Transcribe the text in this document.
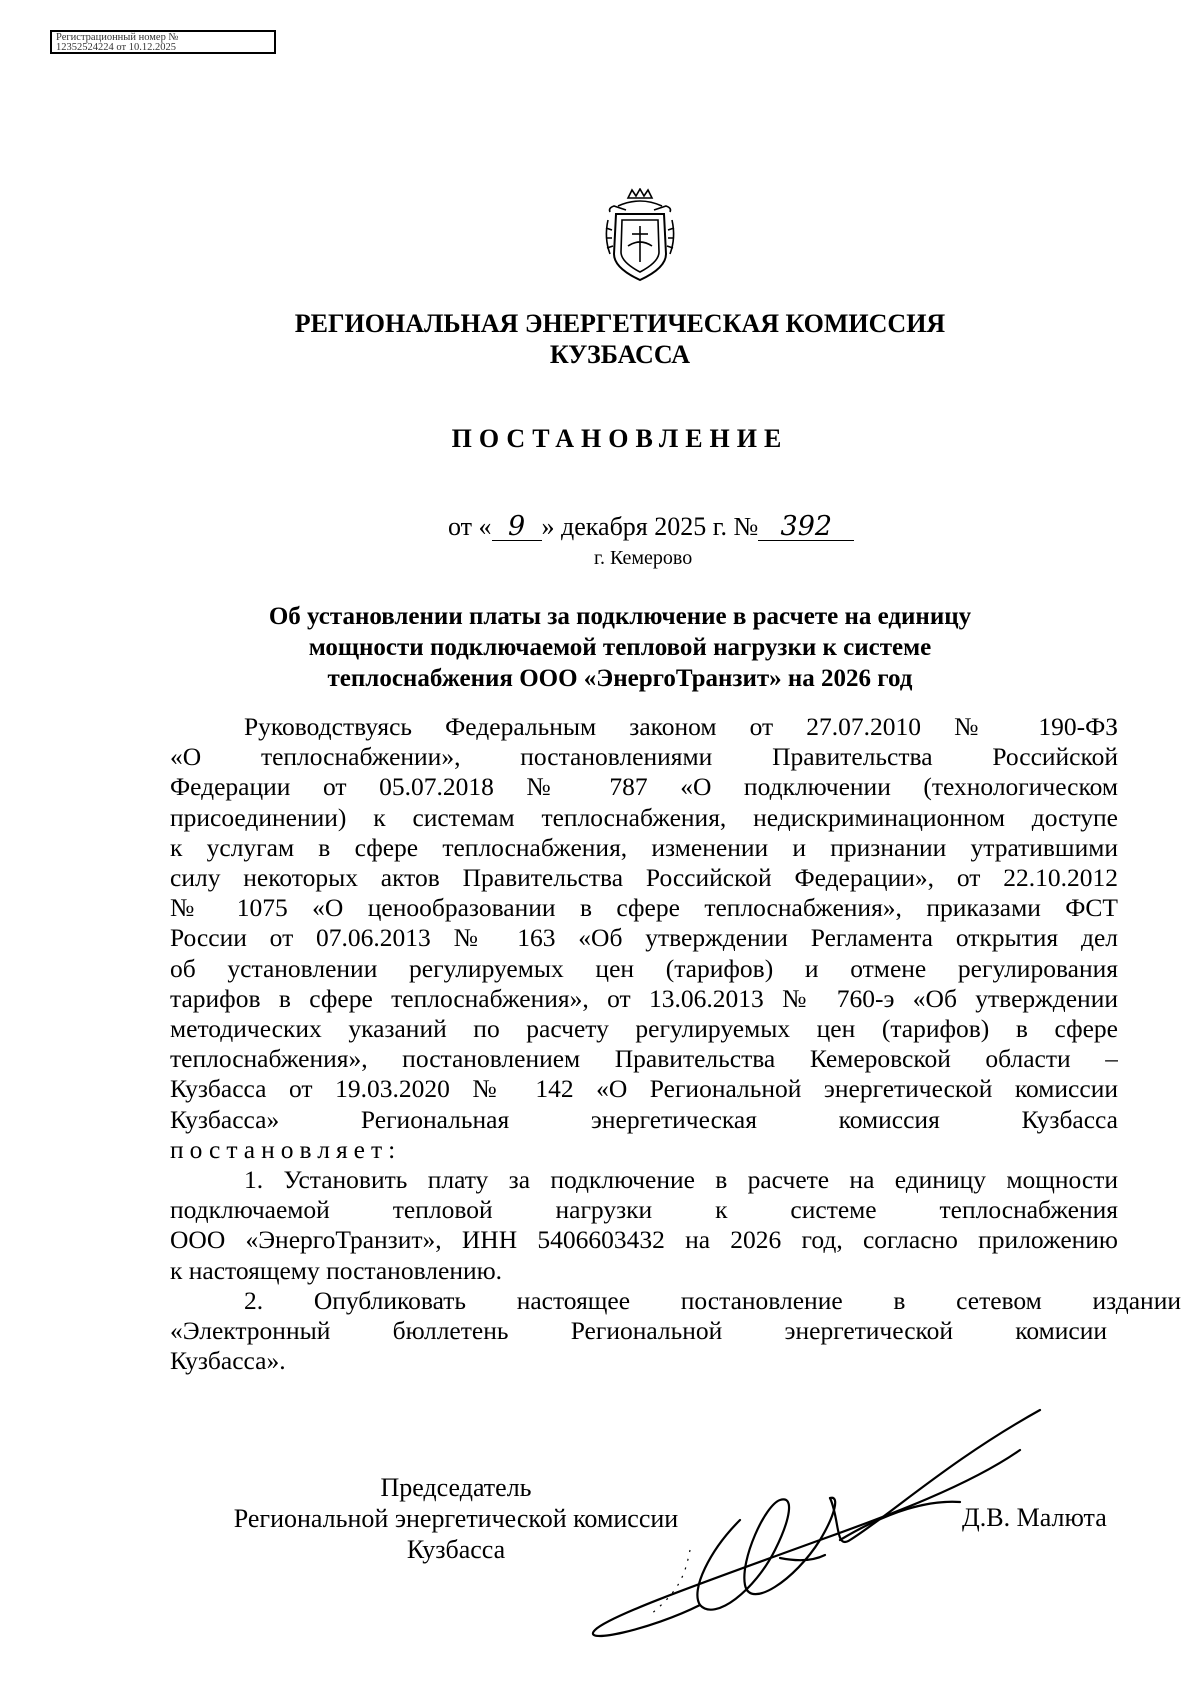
Регистрационный номер №
12352524224 от 10.12.2025
РЕГИОНАЛЬНАЯ ЭНЕРГЕТИЧЕСКАЯ КОМИССИЯ
КУЗБАССА
ПОСТАНОВЛЕНИЕ
от « 9 » декабря 2025 г. № 392
г. Кемерово
Об установлении платы за подключение в расчете на единицу
мощности подключаемой тепловой нагрузки к системе
теплоснабжения ООО «ЭнергоТранзит» на 2026 год

Руководствуясь Федеральным законом от 27.07.2010 № 190-ФЗ
«О теплоснабжении», постановлениями Правительства Российской
Федерации от 05.07.2018 № 787 «О подключении (технологическом
присоединении) к системам теплоснабжения, недискриминационном доступе
к услугам в сфере теплоснабжения, изменении и признании утратившими
силу некоторых актов Правительства Российской Федерации», от 22.10.2012
№ 1075 «О ценообразовании в сфере теплоснабжения», приказами ФСТ
России от 07.06.2013 № 163 «Об утверждении Регламента открытия дел
об установлении регулируемых цен (тарифов) и отмене регулирования
тарифов в сфере теплоснабжения», от 13.06.2013 № 760-э «Об утверждении
методических указаний по расчету регулируемых цен (тарифов) в сфере
теплоснабжения», постановлением Правительства Кемеровской области –
Кузбасса от 19.03.2020 № 142 «О Региональной энергетической комиссии
Кузбасса» Региональная энергетическая комиссия Кузбасса
постановляет:

1. Установить плату за подключение в расчете на единицу мощности
подключаемой тепловой нагрузки к системе теплоснабжения
ООО «ЭнергоТранзит», ИНН 5406603432 на 2026 год, согласно приложению
к настоящему постановлению.

2. Опубликовать настоящее постановление в сетевом издании
«Электронный бюллетень Региональной энергетической комисии
Кузбасса».

Председатель
Региональной энергетической комиссии
Кузбасса
Д.В. Малюта
